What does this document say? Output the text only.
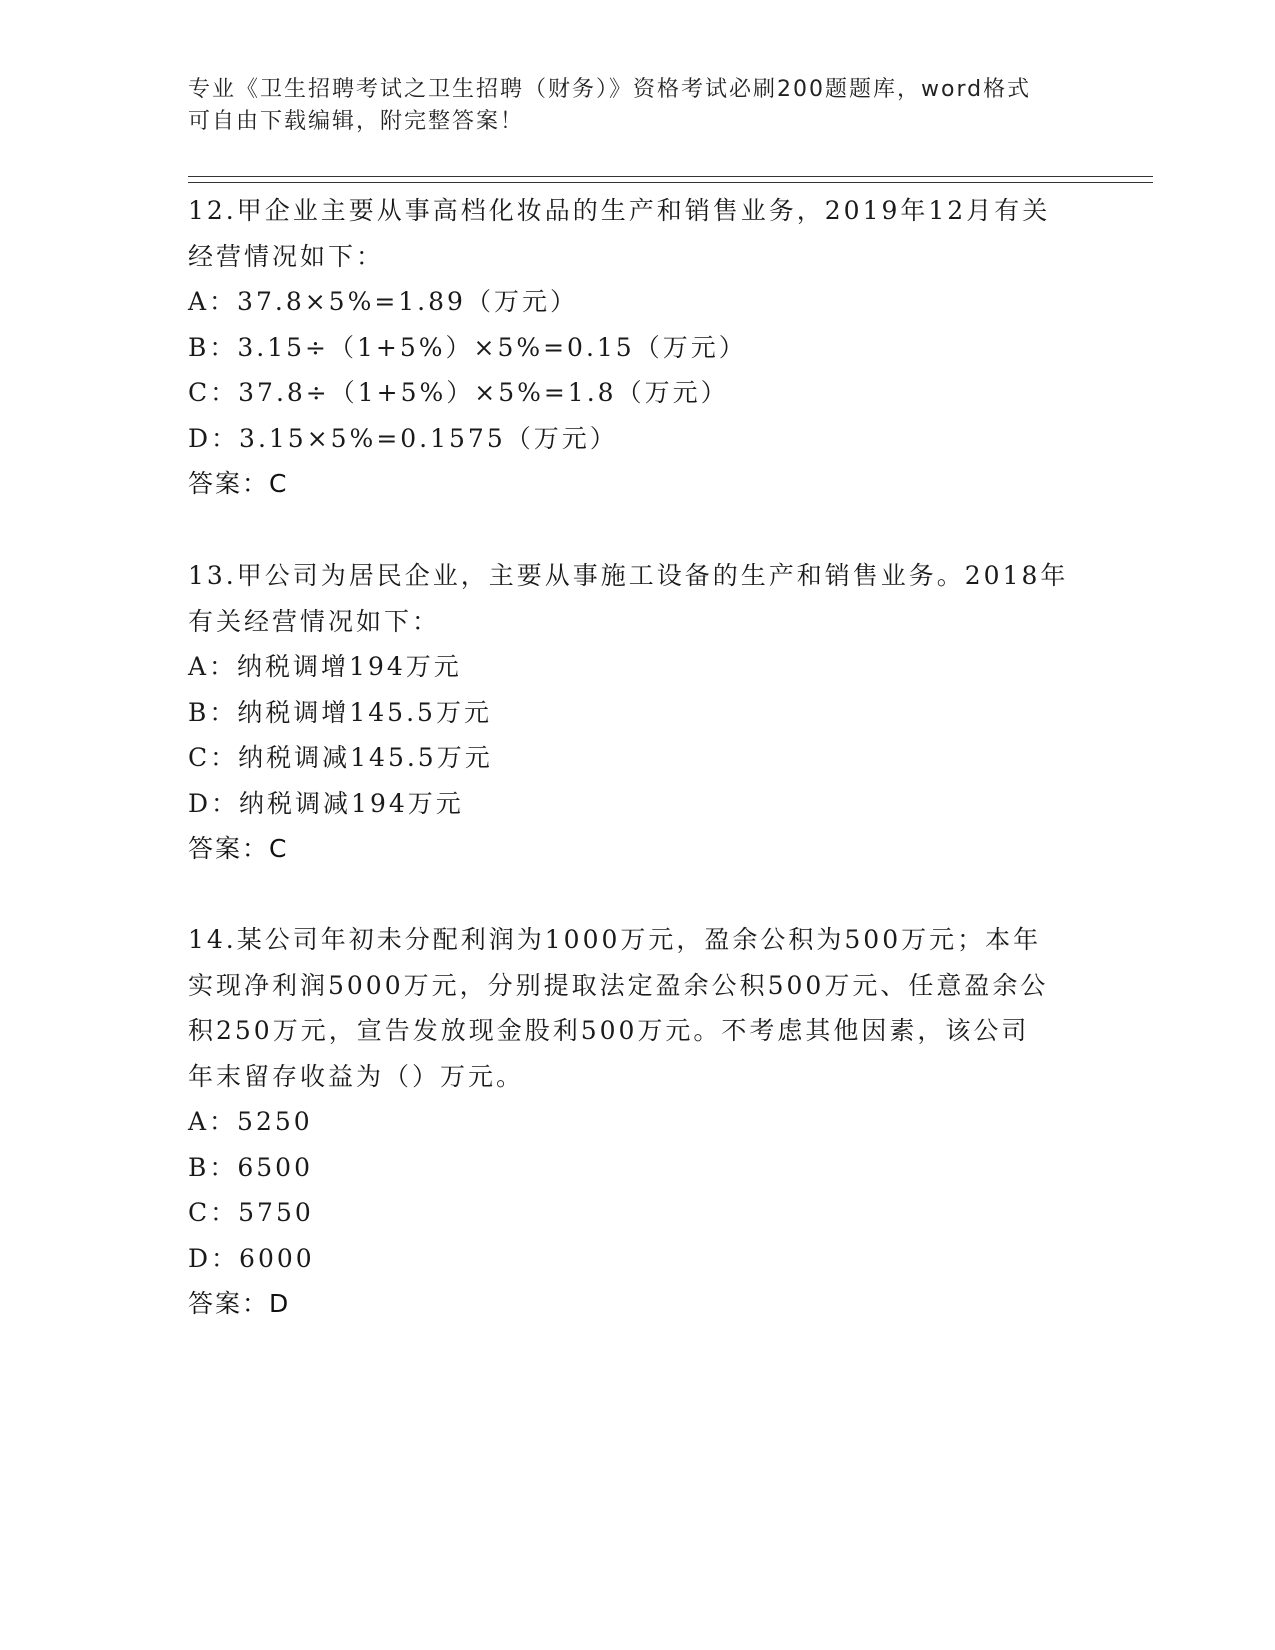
专业《卫生招聘考试之卫生招聘（财务）》资格考试必刷200题题库，word格式
可自由下载编辑，附完整答案！
12.甲企业主要从事高档化妆品的生产和销售业务，2019年12月有关
经营情况如下：
A：37.8×5%=1.89（万元）
B：3.15÷（1+5%）×5%=0.15（万元）
C：37.8÷（1+5%）×5%=1.8（万元）
D：3.15×5%=0.1575（万元）
答案：C
13.甲公司为居民企业，主要从事施工设备的生产和销售业务。2018年
有关经营情况如下：
A：纳税调增194万元
B：纳税调增145.5万元
C：纳税调减145.5万元
D：纳税调减194万元
答案：C
14.某公司年初未分配利润为1000万元，盈余公积为500万元；本年
实现净利润5000万元，分别提取法定盈余公积500万元、任意盈余公
积250万元，宣告发放现金股利500万元。不考虑其他因素，该公司
年末留存收益为（）万元。
A：5250
B：6500
C：5750
D：6000
答案：D
